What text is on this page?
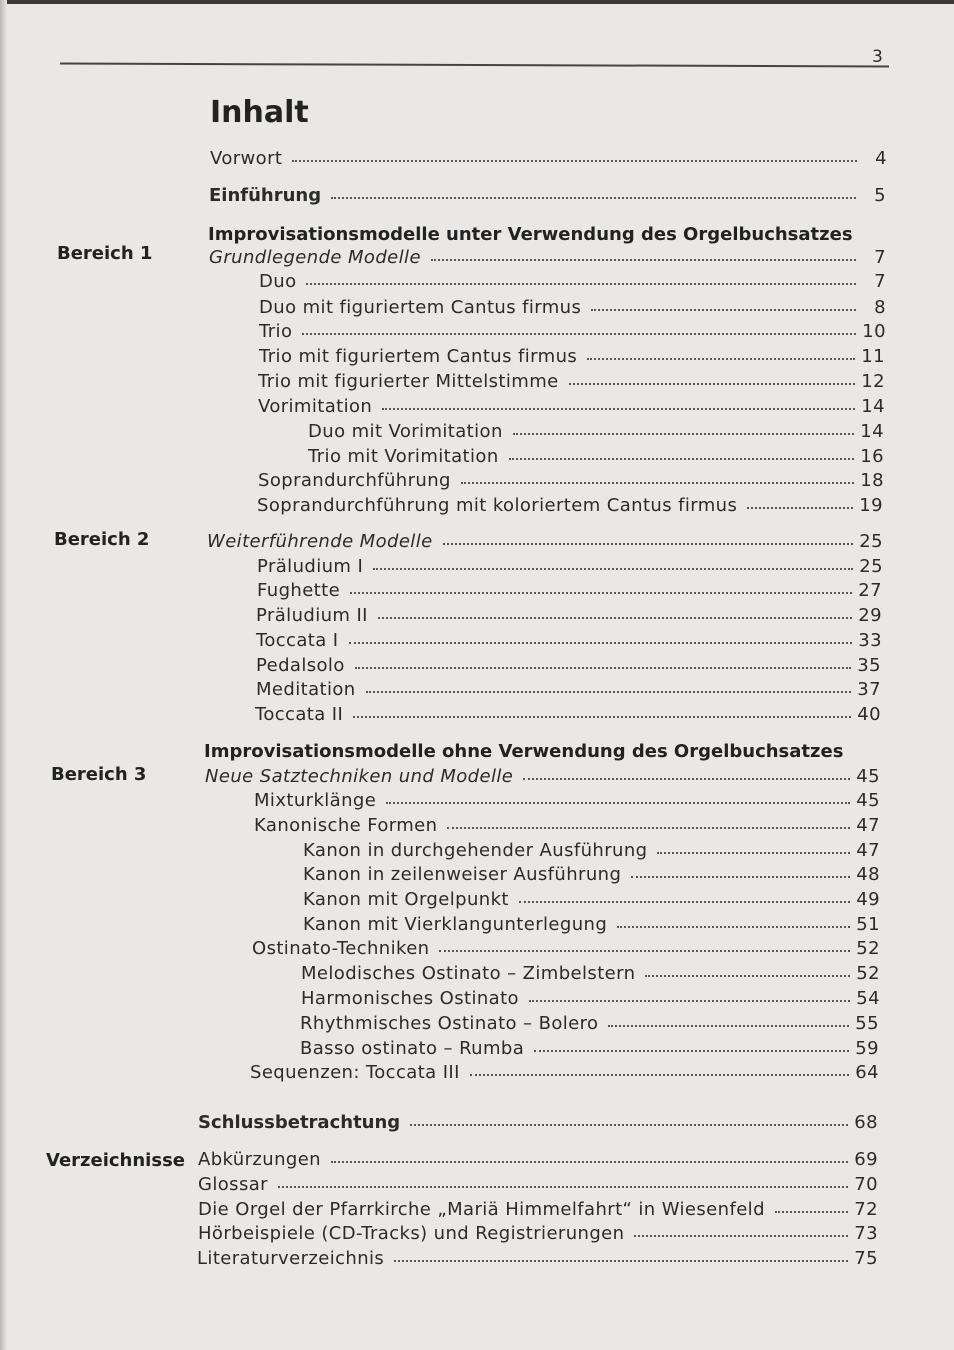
3
Inhalt
Bereich 1
Bereich 2
Bereich 3
Verzeichnisse
Improvisationsmodelle unter Verwendung des Orgelbuchsatzes
Improvisationsmodelle ohne Verwendung des Orgelbuchsatzes
Vorwort	4
Einführung	5
Grundlegende Modelle	7
Duo	7
Duo mit figuriertem Cantus firmus	8
Trio	10
Trio mit figuriertem Cantus firmus	11
Trio mit figurierter Mittelstimme	12
Vorimitation	14
Duo mit Vorimitation	14
Trio mit Vorimitation	16
Soprandurchführung	18
Soprandurchführung mit koloriertem Cantus firmus	19
Weiterführende Modelle	25
Präludium I	25
Fughette	27
Präludium II	29
Toccata I	33
Pedalsolo	35
Meditation	37
Toccata II	40
Neue Satztechniken und Modelle	45
Mixturklänge	45
Kanonische Formen	47
Kanon in durchgehender Ausführung	47
Kanon in zeilenweiser Ausführung	48
Kanon mit Orgelpunkt	49
Kanon mit Vierklangunterlegung	51
Ostinato-Techniken	52
Melodisches Ostinato – Zimbelstern	52
Harmonisches Ostinato	54
Rhythmisches Ostinato – Bolero	55
Basso ostinato – Rumba	59
Sequenzen: Toccata III	64
Schlussbetrachtung	68
Abkürzungen	69
Glossar	70
Die Orgel der Pfarrkirche „Mariä Himmelfahrt“ in Wiesenfeld	72
Hörbeispiele (CD-Tracks) und Registrierungen	73
Literaturverzeichnis	75
